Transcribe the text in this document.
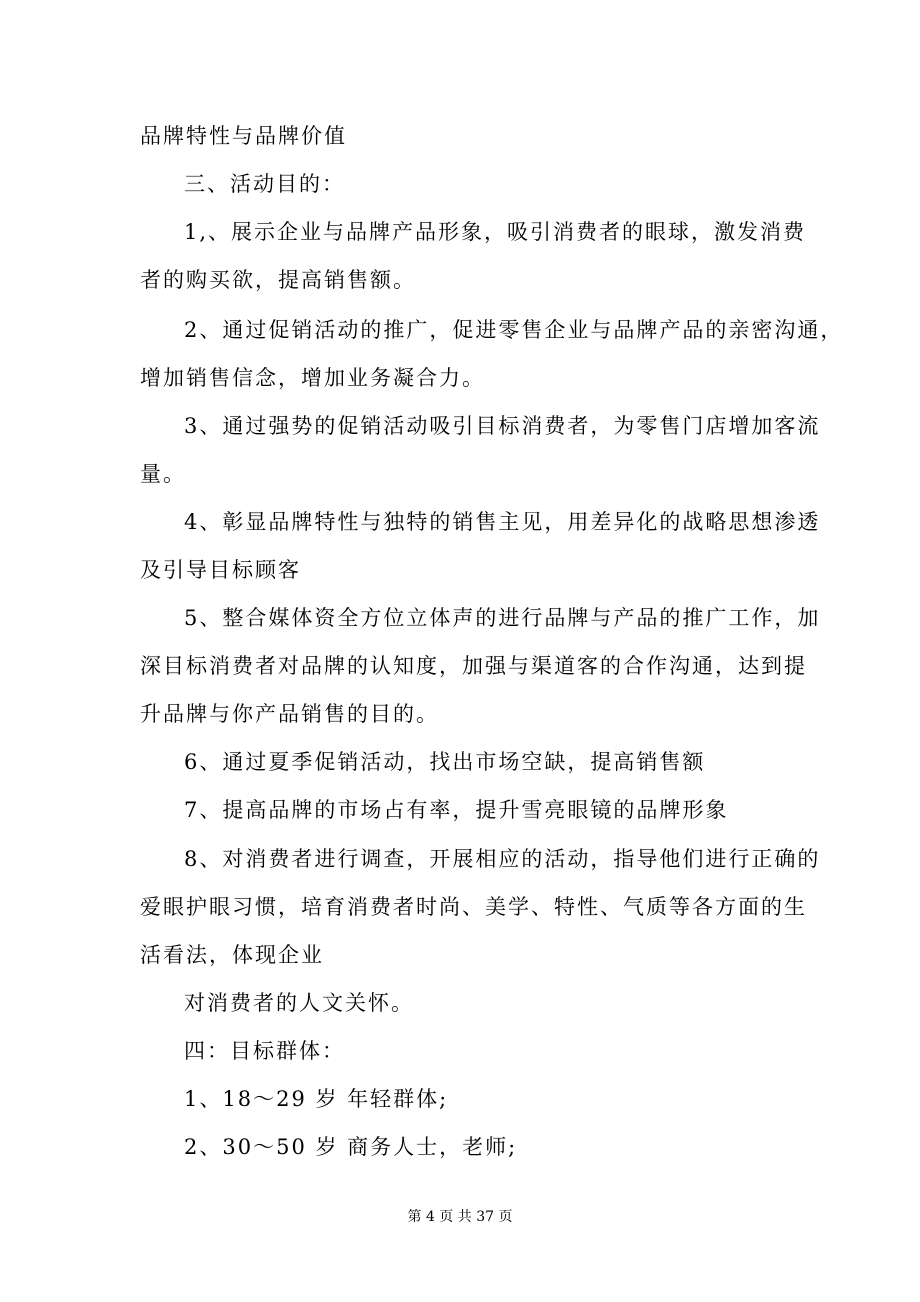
品牌特性与品牌价值
三、活动目的：
1,、展示企业与品牌产品形象，吸引消费者的眼球，激发消费
者的购买欲，提高销售额。
2、通过促销活动的推广，促进零售企业与品牌产品的亲密沟通，
增加销售信念，增加业务凝合力。
3、通过强势的促销活动吸引目标消费者，为零售门店增加客流
量。
4、彰显品牌特性与独特的销售主见，用差异化的战略思想渗透
及引导目标顾客
5、整合媒体资全方位立体声的进行品牌与产品的推广工作，加
深目标消费者对品牌的认知度，加强与渠道客的合作沟通，达到提
升品牌与你产品销售的目的。
6、通过夏季促销活动，找出市场空缺，提高销售额
7、提高品牌的市场占有率，提升雪亮眼镜的品牌形象
8、对消费者进行调查，开展相应的活动，指导他们进行正确的
爱眼护眼习惯，培育消费者时尚、美学、特性、气质等各方面的生
活看法，体现企业
对消费者的人文关怀。
四：目标群体：
1、18～29 岁 年轻群体;
2、30～50 岁 商务人士，老师;
第 4 页 共 37 页
